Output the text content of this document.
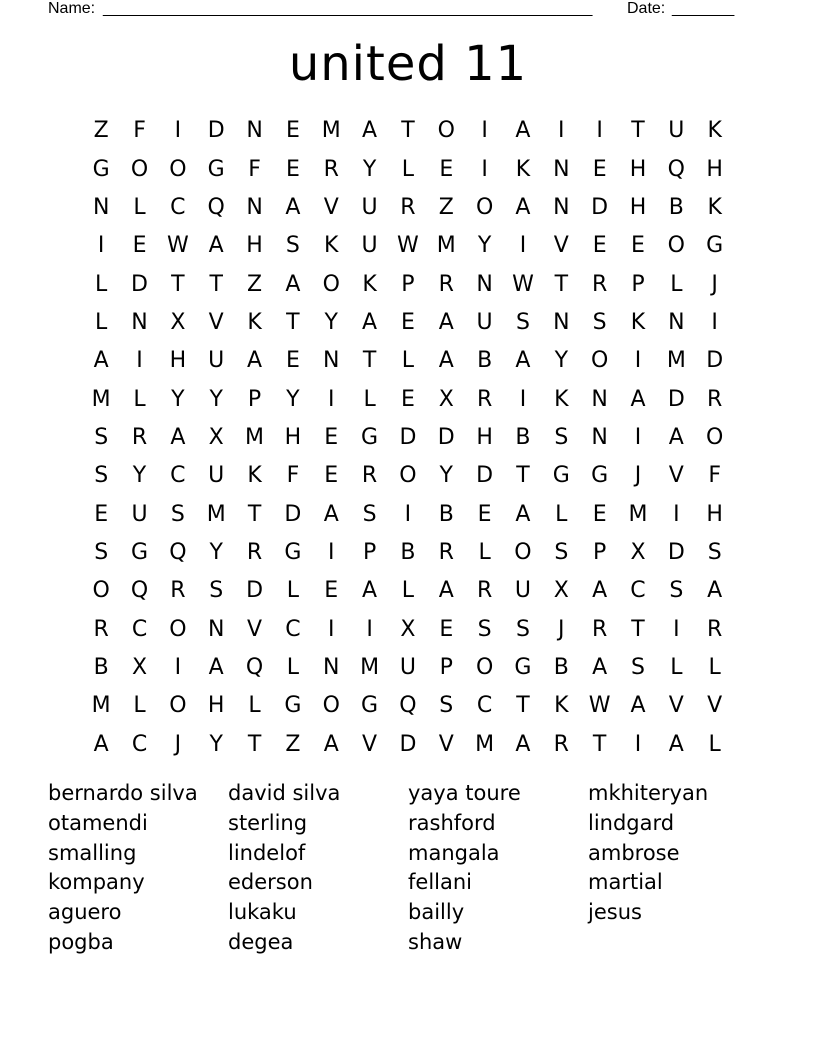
Name: _______________________________________________________ Date: _______
united 11
Z	F	I	D N	E M A	T	O	I	A	I	I	T	U	K
G O O G	F	E	R	Y	L	E	I	K	N	E	H Q H
N	L	C Q N	A	V	U	R	Z	O	A	N D H	B	K
I	E W A	H	S	K	U W M	Y	I	V	E	E	O G
L	D	T	T	Z	A	O	K	P	R	N W T	R	P	L	J
L	N	X	V	K	T	Y	A	E	A	U	S	N	S	K	N	I
A	I	H	U	A	E	N	T	L	A	B	A	Y	O	I	M D
M	L	Y	Y	P	Y	I	L	E	X	R	I	K	N	A	D	R
S	R	A	X M H	E	G D D H	B	S	N	I	A	O
S	Y	C	U	K	F	E	R	O	Y	D	T	G G	J	V	F
E	U	S M	T	D	A	S	I	B	E	A	L	E M	I	H
S	G Q	Y	R	G	I	P	B	R	L	O	S	P	X	D	S
O Q	R	S	D	L	E	A	L	A	R	U	X	A	C	S	A
R	C O N	V	C	I	I	X	E	S	S	J	R	T	I	R
B	X	I	A	Q	L	N M U	P	O G	B	A	S	L	L
M	L	O H	L	G O G Q	S	C	T	K W A	V	V
A	C	J	Y	T	Z	A	V	D	V M A	R	T	I	A	L
bernardo silva	david silva	yaya toure	mkhiteryan
otamendi	sterling	rashford	lindgard
smalling	lindelof	mangala	ambrose
kompany	ederson	fellani	martial
aguero	lukaku	bailly	jesus
pogba	degea	shaw
